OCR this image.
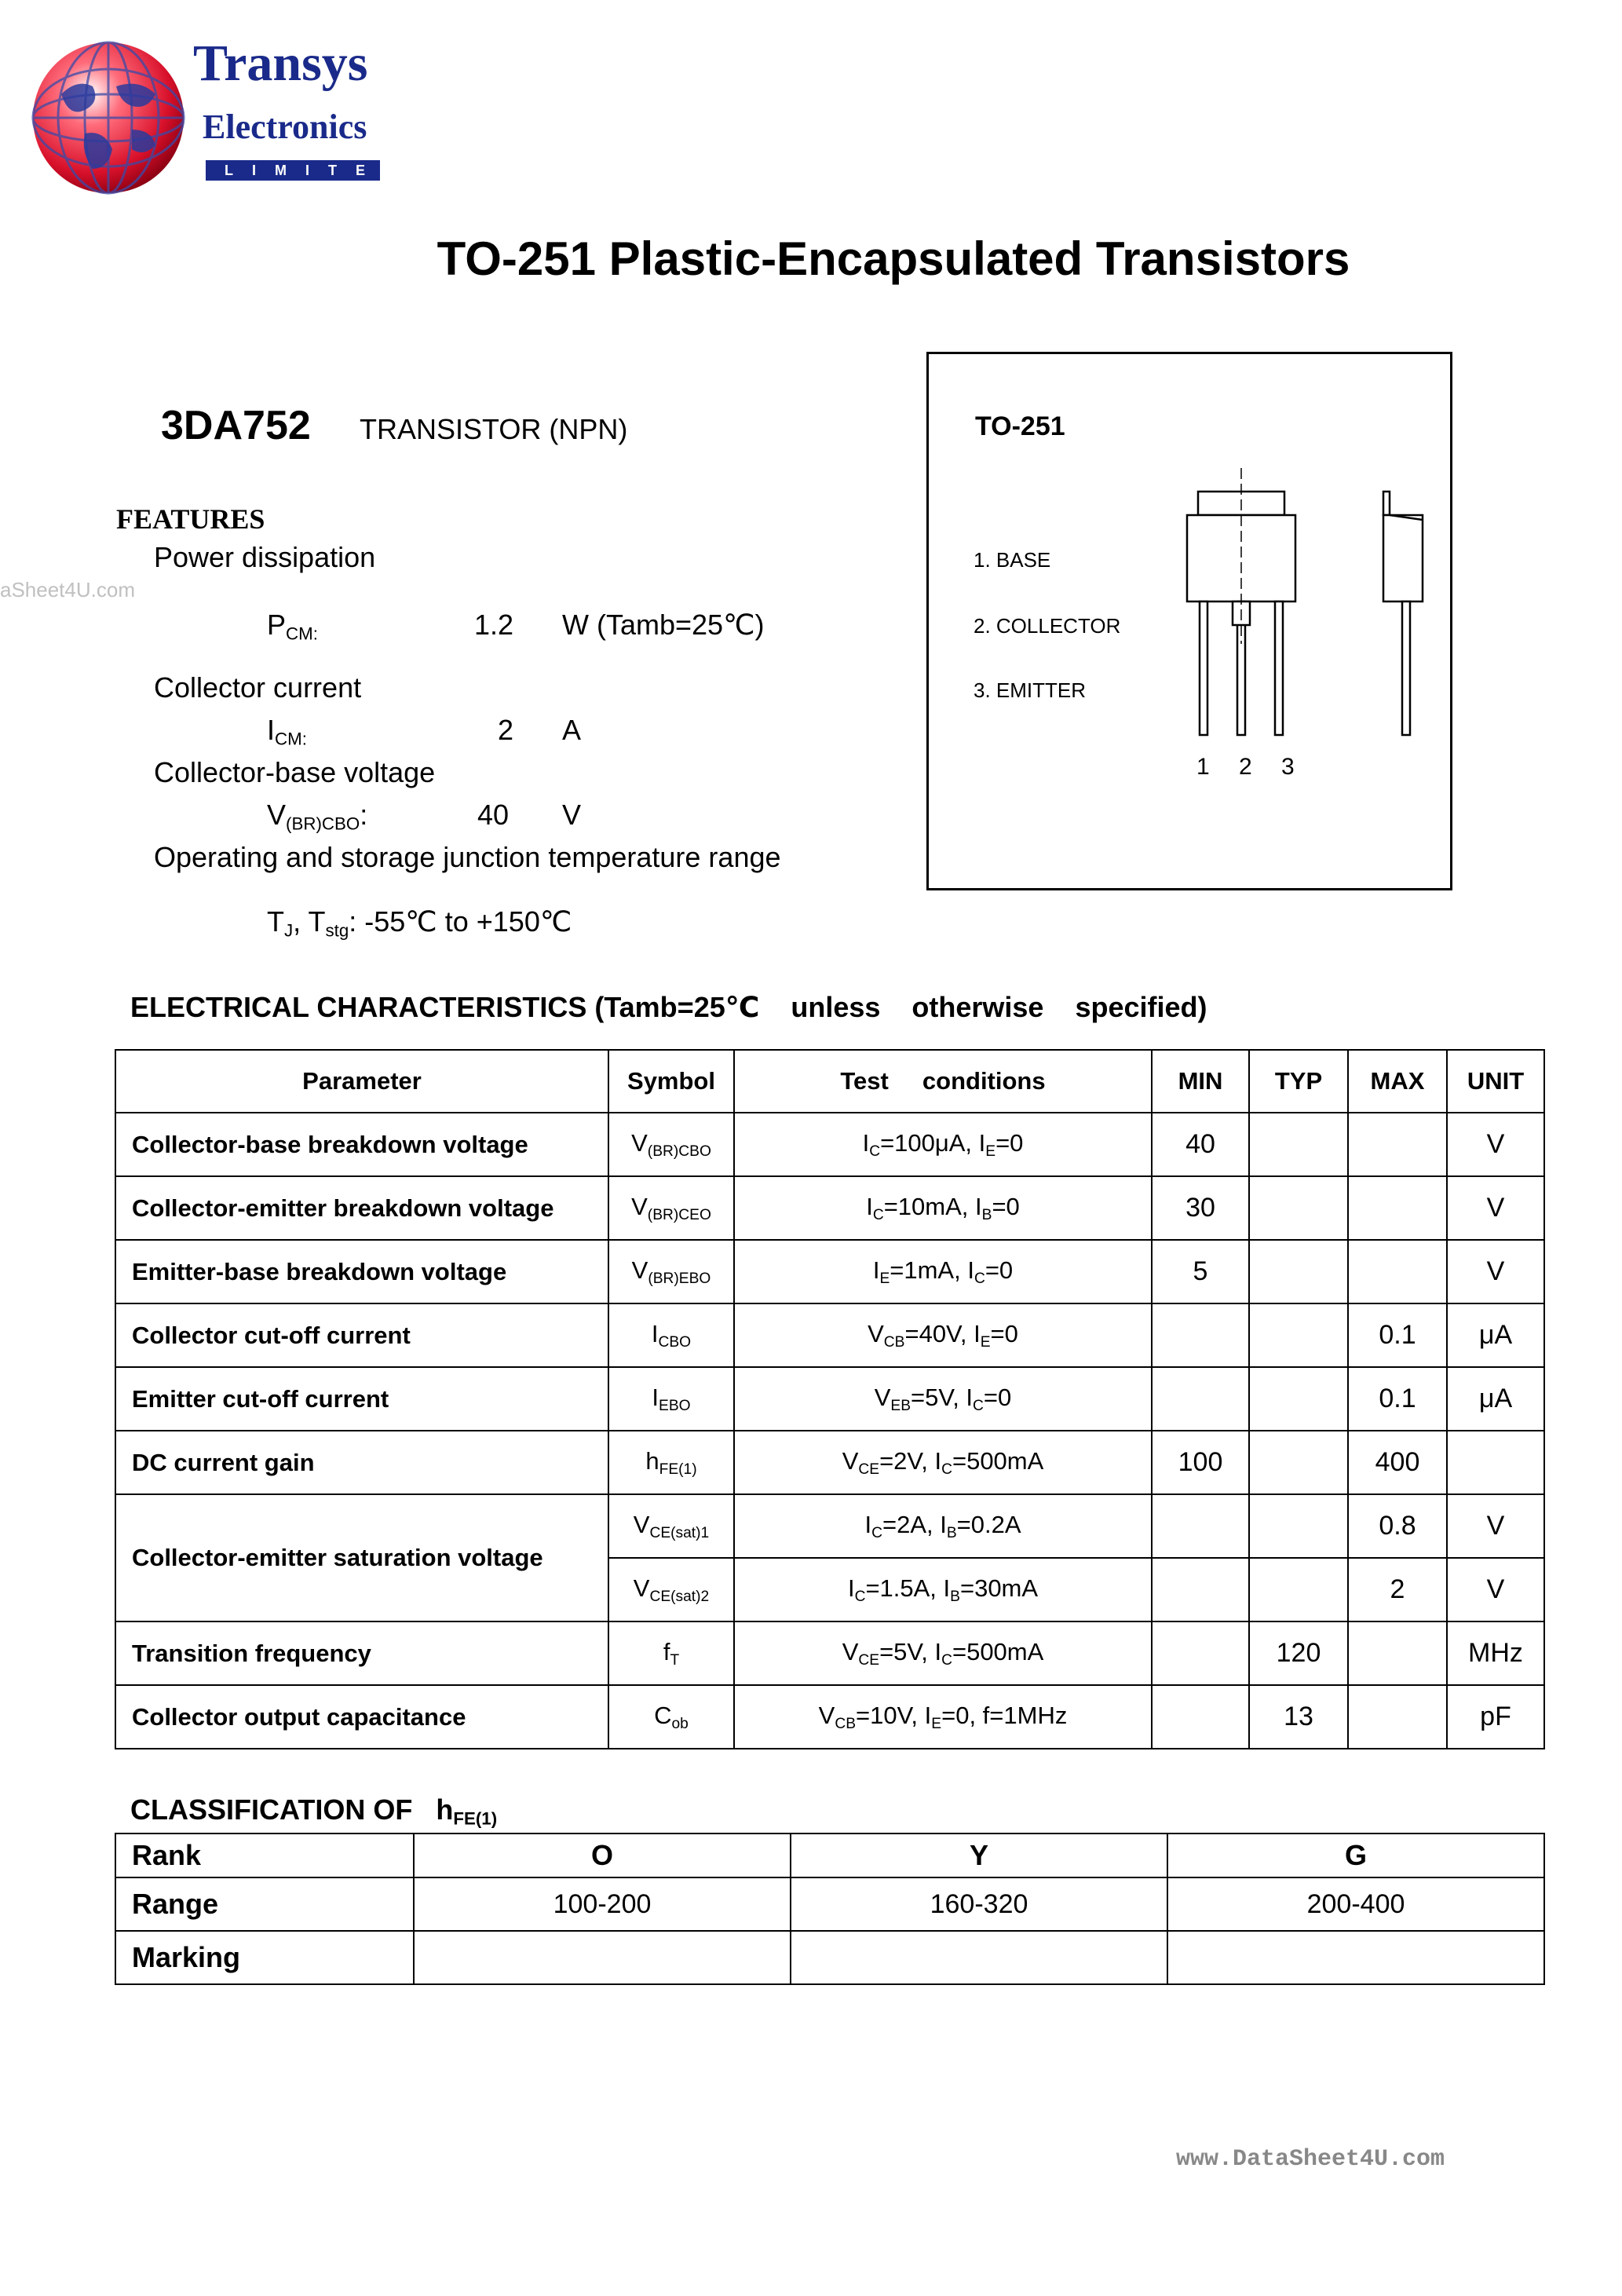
Transys
Electronics
LIMITED
TO-251 Plastic-Encapsulated Transistors
3DA752 TRANSISTOR (NPN)
aSheet4U.com
www.DataSheet4U.com
FEATURES
Power dissipation
$P_{CM:}$	1.2 W (Tamb=25℃)
Collector current
$I_{CM:}$	2 A
Collector-base voltage
$V_{(BR)CBO}$:	40 V
Operating and storage junction temperature range
$T_J$, $T_{stg}$: -55℃ to +150℃
TO-251
1. BASE
2. COLLECTOR
3. EMITTER
1 2 3
ELECTRICAL CHARACTERISTICS (Tamb=25℃    unless    otherwise    specified)
Parameter	Symbol	Test     conditions	MIN	TYP	MAX	UNIT
Collector-base breakdown voltage	$V_{(BR)CBO}$	$I_C=100\mu A$, $I_E=0$	40			V
Collector-emitter breakdown voltage	$V_{(BR)CEO}$	$I_C=10mA$, $I_B=0$	30			V
Emitter-base breakdown voltage	$V_{(BR)EBO}$	$I_E=1mA$, $I_C=0$	5			V
Collector cut-off current	$I_{CBO}$	$V_{CB}=40V$, $I_E=0$			0.1	μA
Emitter cut-off current	$I_{EBO}$	$V_{EB}=5V$, $I_C=0$			0.1	μA
DC current gain	$h_{FE(1)}$	$V_{CE}=2V$, $I_C=500mA$	100		400	
Collector-emitter saturation voltage	$V_{CE(sat)1}$	$I_C=2A$, $I_B=0.2A$			0.8	V
	$V_{CE(sat)2}$	$I_C=1.5A$, $I_B=30mA$			2	V
Transition frequency	$f_T$	$V_{CE}=5V$, $I_C=500mA$		120		MHz
Collector output capacitance	$C_{ob}$	$V_{CB}=10V$, $I_E=0$, f=1MHz		13		pF
CLASSIFICATION OF $h_{FE(1)}$
Rank	O	Y	G
Range	100-200	160-320	200-400
Marking			
